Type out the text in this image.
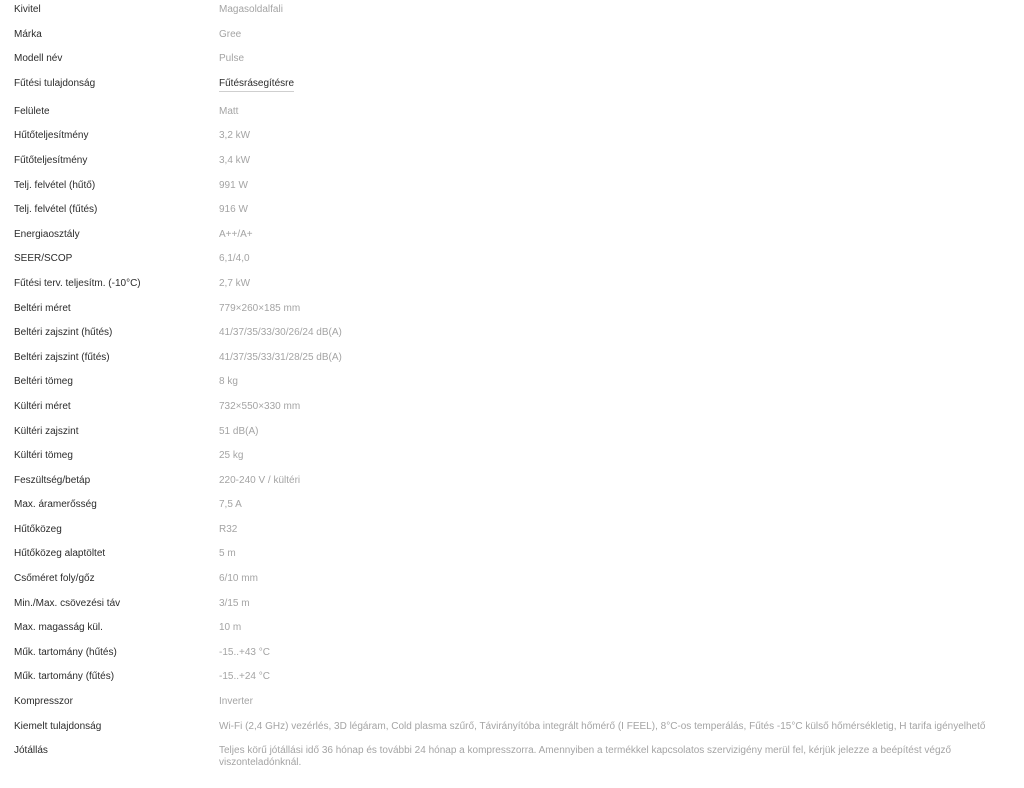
Kivitel	Magasoldalfali
Márka	Gree
Modell név	Pulse
Fűtési tulajdonság	Fűtésrásegítésre
Felülete	Matt
Hűtőteljesítmény	3,2 kW
Fűtőteljesítmény	3,4 kW
Telj. felvétel (hűtő)	991 W
Telj. felvétel (fűtés)	916 W
Energiaosztály	A++/A+
SEER/SCOP	6,1/4,0
Fűtési terv. teljesítm. (-10°C)	2,7 kW
Beltéri méret	779×260×185 mm
Beltéri zajszint (hűtés)	41/37/35/33/30/26/24 dB(A)
Beltéri zajszint (fűtés)	41/37/35/33/31/28/25 dB(A)
Beltéri tömeg	8 kg
Kültéri méret	732×550×330 mm
Kültéri zajszint	51 dB(A)
Kültéri tömeg	25 kg
Feszültség/betáp	220-240 V / kültéri
Max. áramerősség	7,5 A
Hűtőközeg	R32
Hűtőközeg alaptöltet	5 m
Csőméret foly/gőz	6/10 mm
Min./Max. csövezési táv	3/15 m
Max. magasság kül.	10 m
Műk. tartomány (hűtés)	-15..+43 °C
Műk. tartomány (fűtés)	-15..+24 °C
Kompresszor	Inverter
Kiemelt tulajdonság	Wi-Fi (2,4 GHz) vezérlés, 3D légáram, Cold plasma szűrő, Távirányítóba integrált hőmérő (I FEEL), 8°C-os temperálás, Fűtés -15°C külső hőmérsékletig, H tarifa igényelhető
Jótállás	Teljes körű jótállási idő 36 hónap és további 24 hónap a kompresszorra. Amennyiben a termékkel kapcsolatos szervizigény merül fel, kérjük jelezze a beépítést végző viszonteladónknál.
